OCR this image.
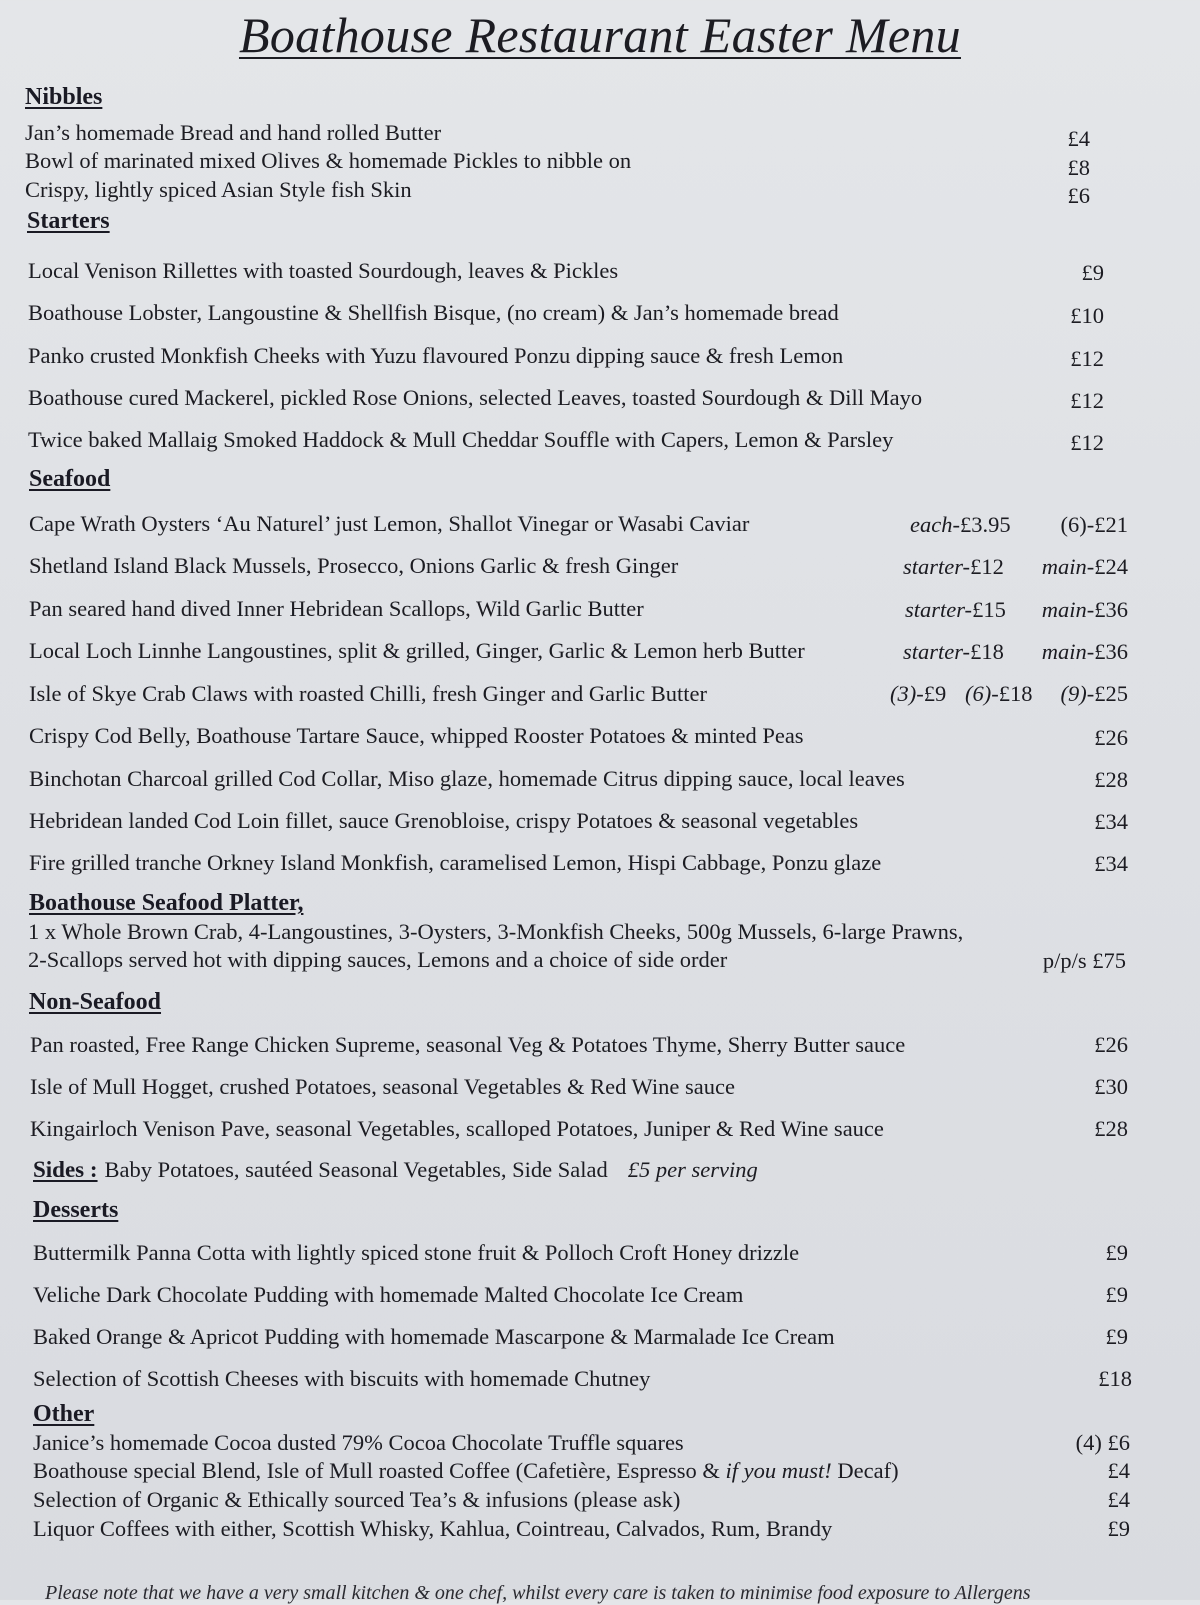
Boathouse Restaurant Easter Menu
Nibbles
Jan’s homemade Bread and hand rolled Butter	£4
Bowl of marinated mixed Olives & homemade Pickles to nibble on	£8
Crispy, lightly spiced Asian Style fish Skin	£6
Starters
Local Venison Rillettes with toasted Sourdough, leaves & Pickles	£9
Boathouse Lobster, Langoustine & Shellfish Bisque, (no cream) & Jan’s homemade bread	£10
Panko crusted Monkfish Cheeks with Yuzu flavoured Ponzu dipping sauce & fresh Lemon	£12
Boathouse cured Mackerel, pickled Rose Onions, selected Leaves, toasted Sourdough & Dill Mayo	£12
Twice baked Mallaig Smoked Haddock & Mull Cheddar Souffle with Capers, Lemon & Parsley	£12
Seafood
Cape Wrath Oysters ‘Au Naturel’ just Lemon, Shallot Vinegar or Wasabi Caviar	each-£3.95 (6)-£21
Shetland Island Black Mussels, Prosecco, Onions Garlic & fresh Ginger	starter-£12 main-£24
Pan seared hand dived Inner Hebridean Scallops, Wild Garlic Butter	starter-£15 main-£36
Local Loch Linnhe Langoustines, split & grilled, Ginger, Garlic & Lemon herb Butter	starter-£18 main-£36
Isle of Skye Crab Claws with roasted Chilli, fresh Ginger and Garlic Butter	(3)-£9 (6)-£18 (9)-£25
Crispy Cod Belly, Boathouse Tartare Sauce, whipped Rooster Potatoes & minted Peas	£26
Binchotan Charcoal grilled Cod Collar, Miso glaze, homemade Citrus dipping sauce, local leaves	£28
Hebridean landed Cod Loin fillet, sauce Grenobloise, crispy Potatoes & seasonal vegetables	£34
Fire grilled tranche Orkney Island Monkfish, caramelised Lemon, Hispi Cabbage, Ponzu glaze	£34
Boathouse Seafood Platter,
1 x Whole Brown Crab, 4-Langoustines, 3-Oysters, 3-Monkfish Cheeks, 500g Mussels, 6-large Prawns,
2-Scallops served hot with dipping sauces, Lemons and a choice of side order	p/p/s £75
Non-Seafood
Pan roasted, Free Range Chicken Supreme, seasonal Veg & Potatoes Thyme, Sherry Butter sauce	£26
Isle of Mull Hogget, crushed Potatoes, seasonal Vegetables & Red Wine sauce	£30
Kingairloch Venison Pave, seasonal Vegetables, scalloped Potatoes, Juniper & Red Wine sauce	£28
Sides : Baby Potatoes, sautéed Seasonal Vegetables, Side Salad £5 per serving
Desserts
Buttermilk Panna Cotta with lightly spiced stone fruit & Polloch Croft Honey drizzle	£9
Veliche Dark Chocolate Pudding with homemade Malted Chocolate Ice Cream	£9
Baked Orange & Apricot Pudding with homemade Mascarpone & Marmalade Ice Cream	£9
Selection of Scottish Cheeses with biscuits with homemade Chutney	£18
Other
Janice’s homemade Cocoa dusted 79% Cocoa Chocolate Truffle squares	(4) £6
Boathouse special Blend, Isle of Mull roasted Coffee (Cafetière, Espresso & if you must! Decaf)	£4
Selection of Organic & Ethically sourced Tea’s & infusions (please ask)	£4
Liquor Coffees with either, Scottish Whisky, Kahlua, Cointreau, Calvados, Rum, Brandy	£9
Please note that we have a very small kitchen & one chef, whilst every care is taken to minimise food exposure to Allergens
